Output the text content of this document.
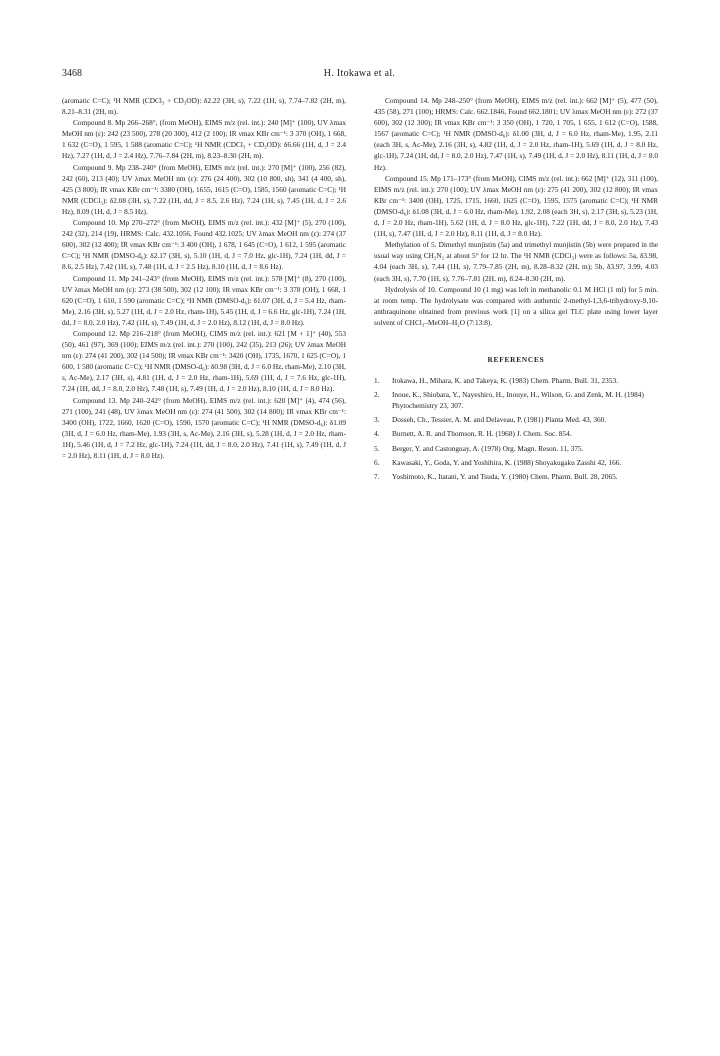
3468	H. Itokawa et al.

(aromatic C=C); ¹H NMR (CDCl₃ + CD₃OD): δ2.22 (3H, s), 7.22 (1H, s), 7.74–7.82 (2H, m), 8.21–8.31 (2H, m).

Compound 8. Mp 266–268°, (from MeOH), EIMS m/z (rel. int.): 240 [M]⁺ (100), UV λmax MeOH nm (ε): 242 (23 500), 278 (20 300), 412 (2 100); IR νmax KBr cm⁻¹: 3 370 (OH), 1 668, 1 632 (C=O), 1 595, 1 588 (aromatic C=C); ¹H NMR (CDCl₃ + CD₃OD): δ6.66 (1H, d, J = 2.4 Hz), 7.27 (1H, d, J = 2.4 Hz), 7.76–7.84 (2H, m), 8.23–8.30 (2H, m).

Compound 9. Mp 238–240° (from MeOH), EIMS m/z (rel. int.): 270 [M]⁺ (100), 256 (82), 242 (60), 213 (40); UV λmax MeOH nm (ε): 276 (24 400), 302 (10 800, sh), 341 (4 400, sh), 425 (3 800); IR νmax KBr cm⁻¹: 3380 (OH), 1655, 1615 (C=O), 1585, 1560 (aromatic C=C); ¹H NMR (CDCl₃): δ2.08 (3H, s), 7.22 (1H, dd, J = 8.5, 2.6 Hz), 7.24 (1H, s), 7.45 (1H, d, J = 2.6 Hz), 8.09 (1H, d, J = 8.5 Hz).

Compound 10. Mp 270–272° (from MeOH), EIMS m/z (rel. int.): 432 [M]⁺ (5), 270 (100), 242 (32), 214 (19), HRMS: Calc. 432.1056, Found 432.1025; UV λmax MeOH nm (ε): 274 (37 600), 302 (12 400); IR νmax KBr cm⁻¹: 3 400 (OH), 1 678, 1 645 (C=O), 1 612, 1 595 (aromatic C=C); ¹H NMR (DMSO-d₆): δ2.17 (3H, s), 5.10 (1H, d, J = 7.0 Hz, glc-1H), 7.24 (1H, dd, J = 8.6, 2.5 Hz), 7.42 (1H, s), 7.48 (1H, d, J = 2.5 Hz), 8.10 (1H, d, J = 8.6 Hz).

Compound 11. Mp 241–243° (from MeOH), EIMS m/z (rel. int.): 578 [M]⁺ (8), 270 (100), UV λmax MeOH nm (ε): 273 (38 500), 302 (12 100); IR νmax KBr cm⁻¹: 3 378 (OH), 1 668, 1 620 (C=O), 1 610, 1 590 (aromatic C=C); ¹H NMR (DMSO-d₆): δ1.07 (3H, d, J = 5.4 Hz, rham-Me), 2.16 (3H, s), 5.27 (1H, d, J = 2.0 Hz, rham-1H), 5.45 (1H, d, J = 6.6 Hz, glc-1H), 7.24 (1H, dd, J = 8.0, 2.0 Hz), 7.42 (1H, s), 7.49 (1H, d, J = 2.0 Hz), 8.12 (1H, d, J = 8.0 Hz).

Compound 12. Mp 216–218° (from MeOH), CIMS m/z (rel. int.): 621 [M + 1]⁺ (40), 553 (50), 461 (97), 369 (100); EIMS m/z (rel. int.): 270 (100), 242 (35), 213 (26); UV λmax MeOH nm (ε): 274 (41 200), 302 (14 500); IR νmax KBr cm⁻¹: 3420 (OH), 1735, 1670, 1 625 (C=O), 1 600, 1 580 (aromatic C=C); ¹H NMR (DMSO-d₆): δ0.98 (3H, d, J = 6.0 Hz, rham-Me), 2.10 (3H, s, Ac-Me), 2.17 (3H, s), 4.81 (1H, d, J = 2.0 Hz, rham-1H), 5.69 (1H, d, J = 7.6 Hz, glc-1H), 7.24 (1H, dd, J = 8.0, 2.0 Hz), 7.48 (1H, s), 7.49 (1H, d, J = 2.0 Hz), 8.10 (1H, d, J = 8.0 Hz).

Compound 13. Mp 240–242° (from MeOH), EIMS m/z (rel. int.): 620 [M]⁺ (4), 474 (56), 271 (100), 241 (48), UV λmax MeOH nm (ε): 274 (41 500), 302 (14 800); IR νmax KBr cm⁻¹: 3400 (OH), 1722, 1660, 1620 (C=O), 1590, 1570 (aromatic C=C); ¹H NMR (DMSO-d₆): δ1.09 (3H, d, J = 6.0 Hz, rham-Me), 1.93 (3H, s, Ac-Me), 2.16 (3H, s), 5.28 (1H, d, J = 2.0 Hz, rham-1H), 5.46 (1H, d, J = 7.2 Hz, glc-1H), 7.24 (1H, dd, J = 8.0, 2.0 Hz), 7.41 (1H, s), 7.49 (1H, d, J = 2.0 Hz), 8.11 (1H, d, J = 8.0 Hz).

Compound 14. Mp 248–250° (from MeOH), EIMS m/z (rel. int.): 662 [M]⁺ (5), 477 (50), 435 (58), 271 (100); HRMS: Calc. 662.1846, Found 662.1801; UV λmax MeOH nm (ε): 272 (37 600), 302 (12 300); IR νmax KBr cm⁻¹: 3 350 (OH), 1 720, 1 705, 1 655, 1 612 (C=O), 1588, 1567 (aromatic C=C); ¹H NMR (DMSO-d₆): δ1.00 (3H, d, J = 6.0 Hz, rham-Me), 1.95, 2.11 (each 3H, s, Ac-Me), 2.16 (3H, s), 4.82 (1H, d, J = 2.0 Hz, rham-1H), 5.69 (1H, d, J = 8.0 Hz, glc-1H), 7.24 (1H, dd, J = 8.0, 2.0 Hz), 7.47 (1H, s), 7.49 (1H, d, J = 2.0 Hz), 8.11 (1H, d, J = 8.0 Hz).

Compound 15. Mp 171–173° (from MeOH), CIMS m/z (rel. int.): 662 [M]⁺ (12), 311 (100), EIMS m/z (rel. int.): 270 (100); UV λmax MeOH nm (ε): 275 (41 200), 302 (12 800); IR νmax KBr cm⁻¹: 3400 (OH), 1725, 1715, 1660, 1625 (C=O), 1595, 1575 (aromatic C=C); ¹H NMR (DMSO-d₆): δ1.08 (3H, d, J = 6.0 Hz, rham-Me), 1.92, 2.08 (each 3H, s), 2.17 (3H, s), 5.23 (1H, d, J = 2.0 Hz, rham-1H), 5.62 (1H, d, J = 8.0 Hz, glc-1H), 7.22 (1H, dd, J = 8.0, 2.0 Hz), 7.43 (1H, s), 7.47 (1H, d, J = 2.0 Hz), 8.11 (1H, d, J = 8.0 Hz).

Methylation of 5. Dimethyl munjistin (5a) and trimethyl munjistin (5b) were prepared in the usual way using CH₂N₂ at about 5° for 12 hr. The ¹H NMR (CDCl₃) were as follows: 5a, δ3.98, 4.04 (each 3H, s), 7.44 (1H, s), 7.79–7.85 (2H, m), 8.28–8.32 (2H, m); 5b, δ3.97, 3.99, 4.03 (each 3H, s), 7.70 (1H, s), 7.76–7.81 (2H, m), 8.24–8.30 (2H, m).

Hydrolysis of 10. Compound 10 (1 mg) was left in methanolic 0.1 M HCl (1 ml) for 5 min. at room temp. The hydrolysate was compared with authentic 2-methyl-1,3,6-trihydroxy-9,10-anthraquinone obtained from previous work [1] on a silica gel TLC plate using lower layer solvent of CHCl₃–MeOH–H₂O (7:13:8).

REFERENCES
1. Itokawa, H., Mihara, K. and Takeya, K. (1983) Chem. Pharm. Bull. 31, 2353.
2. Inoue, K., Shiobara, Y., Nayeshiro, H., Inouye, H., Wilson, G. and Zenk, M. H. (1984) Phytochemistry 23, 307.
3. Dosseh, Ch., Tessier, A. M. and Delaveau, P. (1981) Planta Med. 43, 360.
4. Burnett, A. R. and Thomson, R. H. (1968) J. Chem. Soc. 854.
5. Berger, Y. and Castonguay, A. (1978) Org. Magn. Reson. 11, 375.
6. Kawasaki, Y., Goda, Y. and Yoshihira, K. (1988) Shoyakugaku Zasshi 42, 166.
7. Yoshimoto, K., Itatani, Y. and Tsuda, Y. (1980) Chem. Pharm. Bull. 28, 2065.
